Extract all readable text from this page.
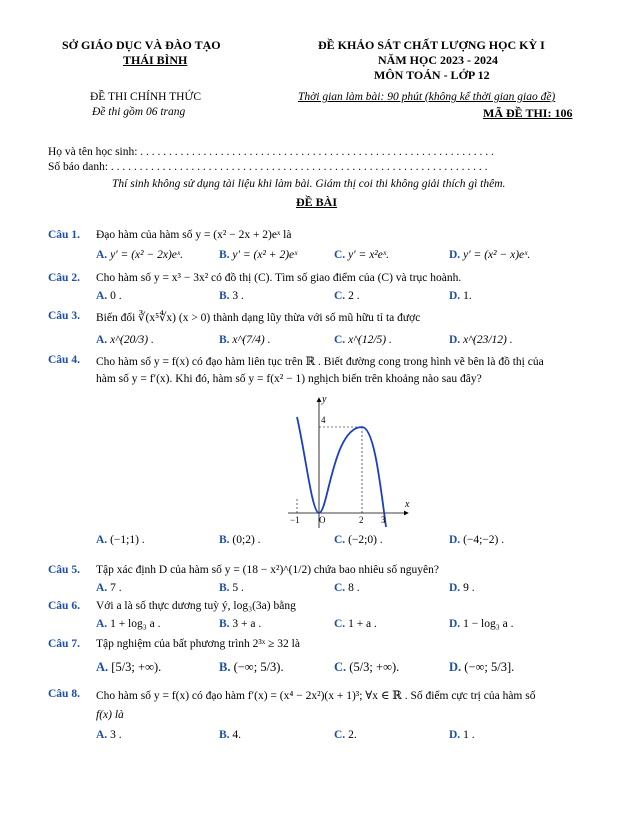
SỞ GIÁO DỤC VÀ ĐÀO TẠO
THÁI BÌNH
ĐỀ KHẢO SÁT CHẤT LƯỢNG HỌC KỲ I
NĂM HỌC 2023 - 2024
MÔN TOÁN - LỚP 12
ĐỀ THI CHÍNH THỨC
Đề thi gồm 06 trang
Thời gian làm bài: 90 phút (không kể thời gian giao đề)
MÃ ĐỀ THI: 106
Họ và tên học sinh: . . . . . . . . . . . . . . . . . . . . . . . . . . . . . . . . . . . . . . . . . . . . . . . . . . . . . . . . . . . . . .
Số báo danh: . . . . . . . . . . . . . . . . . . . . . . . . . . . . . . . . . . . . . . . . . . . . . . . . . . . . . . . . . . . . . . . . . .
Thí sinh không sử dụng tài liệu khi làm bài. Giám thị coi thi không giải thích gì thêm.
ĐỀ BÀI
Câu 1. Đạo hàm của hàm số y = (x² − 2x + 2)eˣ là
A. y′ = (x² − 2x)eˣ.	B. y′ = (x² + 2)eˣ	C. y′ = x²eˣ.	D. y′ = (x² − x)eˣ.
Câu 2. Cho hàm số y = x³ − 3x² có đồ thị (C). Tìm số giao điểm của (C) và trục hoành.
A. 0 .	B. 3 .	C. 2 .	D. 1.
Câu 3. Biến đổi ∛(x⁵∜x) (x > 0) thành dạng lũy thừa với số mũ hữu tỉ ta được
A. x^(20/3) .	B. x^(7/4) .	C. x^(12/5) .	D. x^(23/12) .
Câu 4. Cho hàm số y = f(x) có đạo hàm liên tục trên ℝ . Biết đường cong trong hình vẽ bên là đồ thị của
hàm số y = f′(x). Khi đó, hàm số y = f(x² − 1) nghịch biến trên khoảng nào sau đây?
x
y
−1 O	2 3
4
A. (−1;1) .	B. (0;2) .	C. (−2;0) .	D. (−4;−2) .
Câu 5. Tập xác định D của hàm số y = (18 − x²)^(1/2) chứa bao nhiêu số nguyên?
A. 7 .	B. 5 .	C. 8 .	D. 9 .
Câu 6. Với a là số thực dương tuỳ ý, log₃(3a) bằng
A. 1 + log₃ a .	B. 3 + a .	C. 1 + a .	D. 1 − log₃ a .
Câu 7. Tập nghiệm của bất phương trình 2³ˣ ≥ 32 là
A. [5/3; +∞).	B. (−∞; 5/3).	C. (5/3; +∞).	D. (−∞; 5/3].
Câu 8. Cho hàm số y = f(x) có đạo hàm f′(x) = (x⁴ − 2x²)(x + 1)³; ∀x ∈ ℝ . Số điểm cực trị của hàm số
f(x) là
A. 3 .	B. 4.	C. 2.	D. 1 .
